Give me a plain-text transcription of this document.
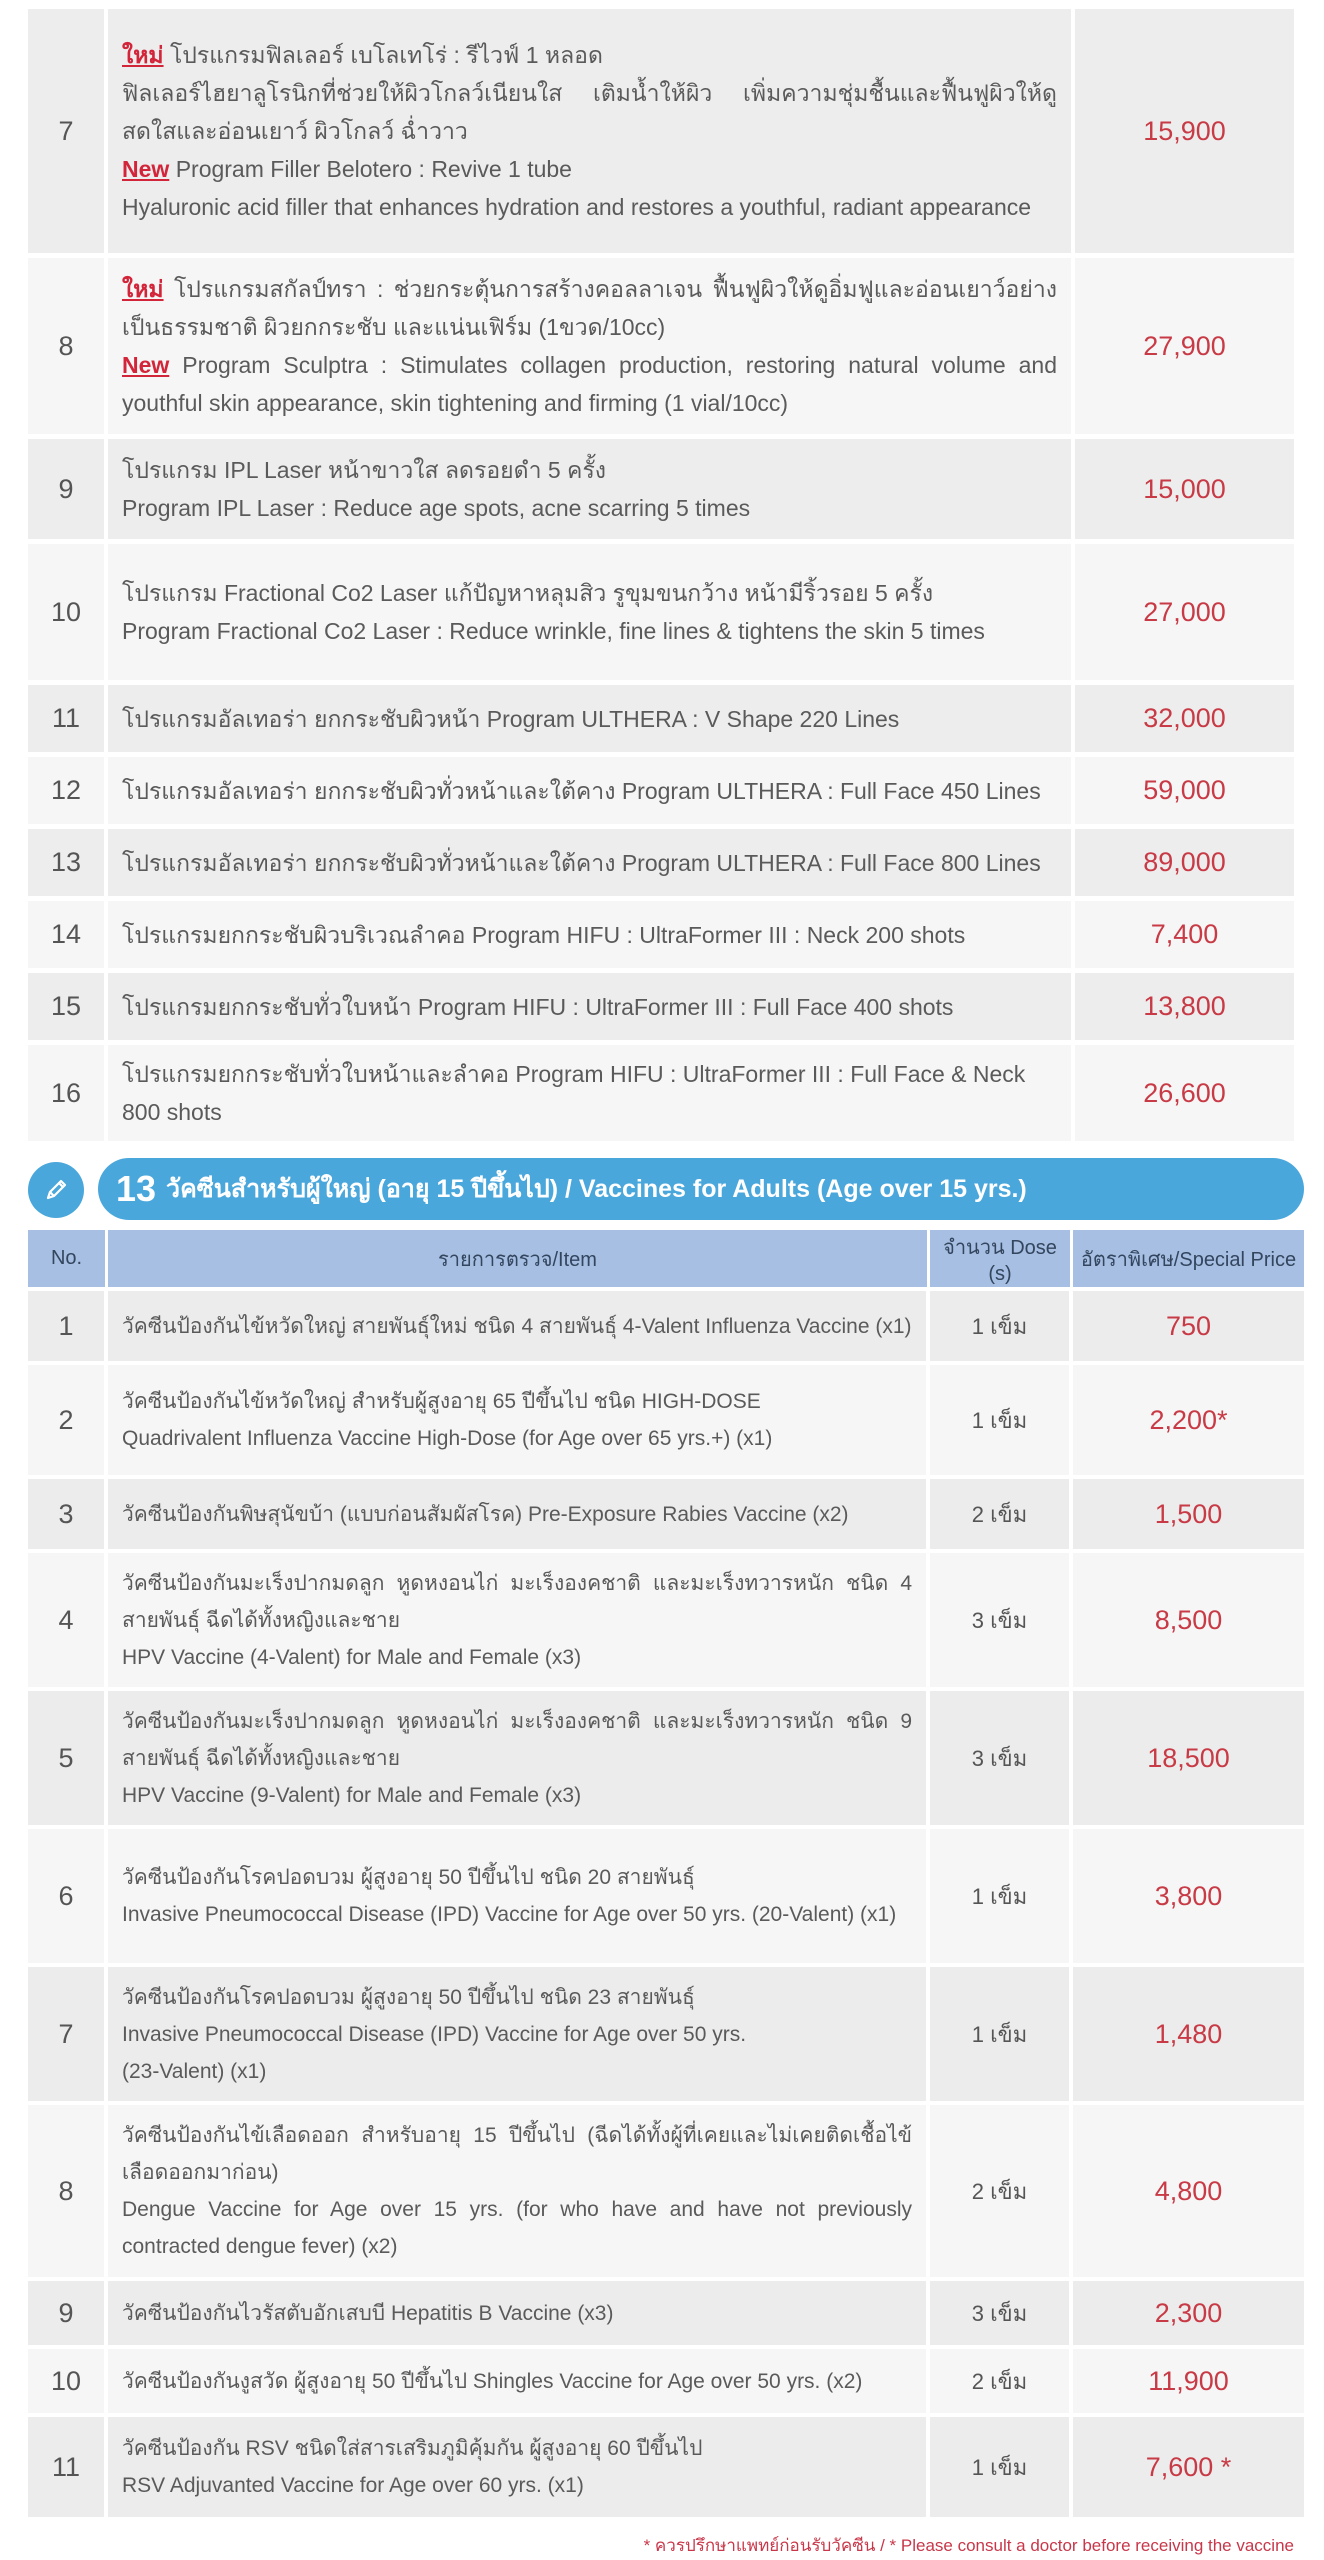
7	ใหม่ โปรแกรมฟิลเลอร์ เบโลเทโร่ : รีไวฟ์ 1 หลอด
ฟิลเลอร์ไฮยาลูโรนิกที่ช่วยให้ผิวโกลว์เนียนใส เติมน้ำให้ผิว เพิ่มความชุ่มชื้นและฟื้นฟูผิวให้ดูสดใสและอ่อนเยาว์ ผิวโกลว์ ฉ่ำวาว
New Program Filler Belotero : Revive 1 tube
Hyaluronic acid filler that enhances hydration and restores a youthful, radiant appearance	15,900
8	ใหม่ โปรแกรมสกัลป์ทรา : ช่วยกระตุ้นการสร้างคอลลาเจน ฟื้นฟูผิวให้ดูอิ่มฟูและอ่อนเยาว์อย่างเป็นธรรมชาติ ผิวยกกระชับ และแน่นเฟิร์ม (1ขวด/10cc)
New Program Sculptra : Stimulates collagen production, restoring natural volume and youthful skin appearance, skin tightening and firming (1 vial/10cc)	27,900
9	โปรแกรม IPL Laser หน้าขาวใส ลดรอยดำ 5 ครั้ง
Program IPL Laser : Reduce age spots, acne scarring 5 times	15,000
10	โปรแกรม Fractional Co2 Laser แก้ปัญหาหลุมสิว รูขุมขนกว้าง หน้ามีริ้วรอย 5 ครั้ง
Program Fractional Co2 Laser : Reduce wrinkle, fine lines & tightens the skin 5 times	27,000
11	โปรแกรมอัลเทอร่า ยกกระชับผิวหน้า Program ULTHERA : V Shape 220 Lines	32,000
12	โปรแกรมอัลเทอร่า ยกกระชับผิวทั่วหน้าและใต้คาง Program ULTHERA : Full Face 450 Lines	59,000
13	โปรแกรมอัลเทอร่า ยกกระชับผิวทั่วหน้าและใต้คาง Program ULTHERA : Full Face 800 Lines	89,000
14	โปรแกรมยกกระชับผิวบริเวณลำคอ Program HIFU : UltraFormer III : Neck 200 shots	7,400
15	โปรแกรมยกกระชับทั่วใบหน้า Program HIFU : UltraFormer III : Full Face 400 shots	13,800
16	โปรแกรมยกกระชับทั่วใบหน้าและลำคอ Program HIFU : UltraFormer III : Full Face & Neck 800 shots	26,600
13 วัคซีนสำหรับผู้ใหญ่ (อายุ 15 ปีขึ้นไป) / Vaccines for Adults (Age over 15 yrs.)
No.	รายการตรวจ/Item	จำนวน Dose (s)	อัตราพิเศษ/Special Price
1	วัคซีนป้องกันไข้หวัดใหญ่ สายพันธุ์ใหม่ ชนิด 4 สายพันธุ์ 4-Valent Influenza Vaccine (x1)	1 เข็ม	750
2	วัคซีนป้องกันไข้หวัดใหญ่ สำหรับผู้สูงอายุ 65 ปีขึ้นไป ชนิด HIGH-DOSE
Quadrivalent Influenza Vaccine High-Dose (for Age over 65 yrs.+) (x1)	1 เข็ม	2,200*
3	วัคซีนป้องกันพิษสุนัขบ้า (แบบก่อนสัมผัสโรค) Pre-Exposure Rabies Vaccine (x2)	2 เข็ม	1,500
4	วัคซีนป้องกันมะเร็งปากมดลูก หูดหงอนไก่ มะเร็งองคชาติ และมะเร็งทวารหนัก ชนิด 4 สายพันธุ์ ฉีดได้ทั้งหญิงและชาย
HPV Vaccine (4-Valent) for Male and Female (x3)	3 เข็ม	8,500
5	วัคซีนป้องกันมะเร็งปากมดลูก หูดหงอนไก่ มะเร็งองคชาติ และมะเร็งทวารหนัก ชนิด 9 สายพันธุ์ ฉีดได้ทั้งหญิงและชาย
HPV Vaccine (9-Valent) for Male and Female (x3)	3 เข็ม	18,500
6	วัคซีนป้องกันโรคปอดบวม ผู้สูงอายุ 50 ปีขึ้นไป ชนิด 20 สายพันธุ์
Invasive Pneumococcal Disease (IPD) Vaccine for Age over 50 yrs. (20-Valent) (x1)	1 เข็ม	3,800
7	วัคซีนป้องกันโรคปอดบวม ผู้สูงอายุ 50 ปีขึ้นไป ชนิด 23 สายพันธุ์
Invasive Pneumococcal Disease (IPD) Vaccine for Age over 50 yrs.
(23-Valent) (x1)	1 เข็ม	1,480
8	วัคซีนป้องกันไข้เลือดออก สำหรับอายุ 15 ปีขึ้นไป (ฉีดได้ทั้งผู้ที่เคยและไม่เคยติดเชื้อไข้เลือดออกมาก่อน)
Dengue Vaccine for Age over 15 yrs. (for who have and have not previously contracted dengue fever) (x2)	2 เข็ม	4,800
9	วัคซีนป้องกันไวรัสตับอักเสบบี Hepatitis B Vaccine (x3)	3 เข็ม	2,300
10	วัคซีนป้องกันงูสวัด ผู้สูงอายุ 50 ปีขึ้นไป Shingles Vaccine for Age over 50 yrs. (x2)	2 เข็ม	11,900
11	วัคซีนป้องกัน RSV ชนิดใส่สารเสริมภูมิคุ้มกัน ผู้สูงอายุ 60 ปีขึ้นไป
RSV Adjuvanted Vaccine for Age over 60 yrs. (x1)	1 เข็ม	7,600 *
* ควรปรึกษาแพทย์ก่อนรับวัคซีน / * Please consult a doctor before receiving the vaccine
